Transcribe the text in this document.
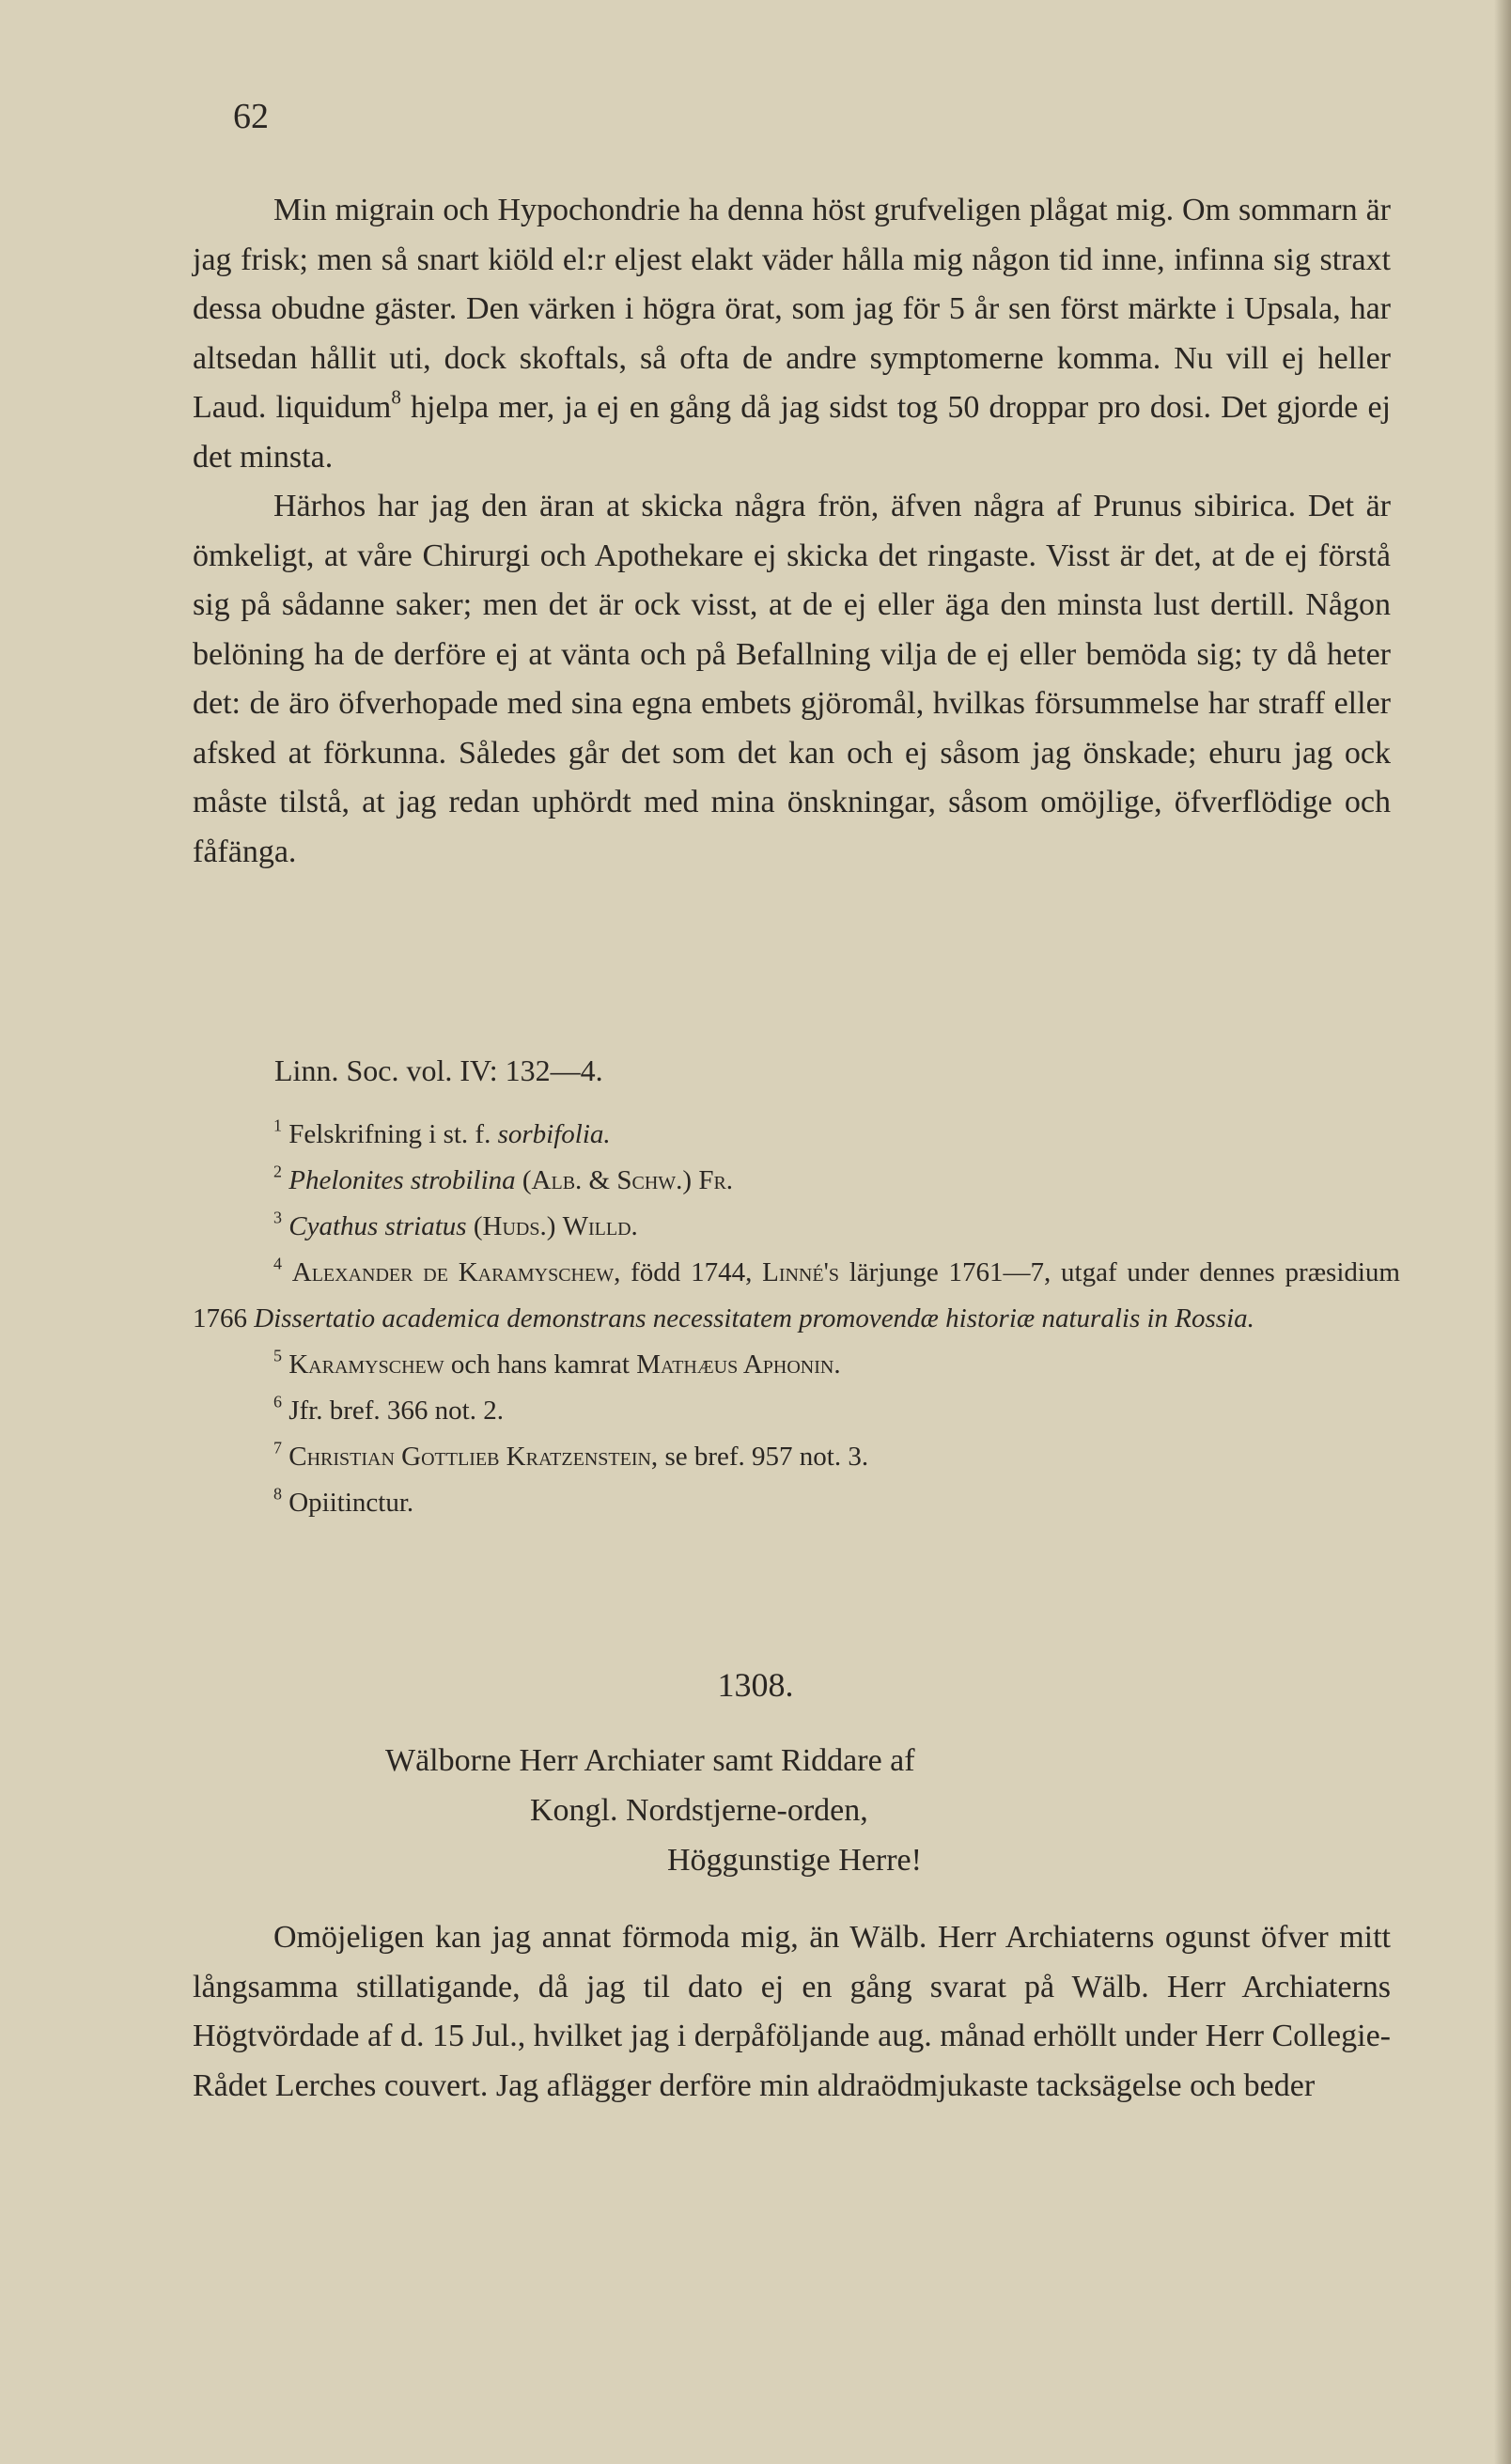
62

Min migrain och Hypochondrie ha denna höst grufveligen plågat mig. Om sommarn är jag frisk; men så snart kiöld el:r eljest elakt väder hålla mig någon tid inne, infinna sig straxt dessa obudne gäster. Den värken i högra örat, som jag för 5 år sen först märkte i Upsala, har altsedan hållit uti, dock skoftals, så ofta de andre symptomerne komma. Nu vill ej heller Laud. liquidum$^8$ hjelpa mer, ja ej en gång då jag sidst tog 50 droppar pro dosi. Det gjorde ej det minsta.

Härhos har jag den äran at skicka några frön, äfven några af Prunus sibirica. Det är ömkeligt, at våre Chirurgi och Apothekare ej skicka det ringaste. Visst är det, at de ej förstå sig på sådanne saker; men det är ock visst, at de ej eller äga den minsta lust dertill. Någon belöning ha de derföre ej at vänta och på Befallning vilja de ej eller bemöda sig; ty då heter det: de äro öfverhopade med sina egna embets gjöromål, hvilkas försummelse har straff eller afsked at förkunna. Således går det som det kan och ej såsom jag önskade; ehuru jag ock måste tilstå, at jag redan uphördt med mina önskningar, såsom omöjlige, öfverflödige och fåfänga.

Linn. Soc. vol. IV: 132—4.

$^1$ Felskrifning i st. f. sorbifolia.

$^2$ Phelonites strobilina (Alb. & Schw.) Fr.

$^3$ Cyathus striatus (Huds.) Willd.

$^4$ Alexander de Karamyschew, född 1744, Linné's lärjunge 1761—7, utgaf under dennes præsidium 1766 Dissertatio academica demonstrans necessitatem promovendæ historiæ naturalis in Rossia.

$^5$ Karamyschew och hans kamrat Mathæus Aphonin.

$^6$ Jfr. bref. 366 not. 2.

$^7$ Christian Gottlieb Kratzenstein, se bref. 957 not. 3.

$^8$ Opiitinctur.

1308.
Wälborne Herr Archiater samt Riddare af
Kongl. Nordstjerne-orden,
Höggunstige Herre!

Omöjeligen kan jag annat förmoda mig, än Wälb. Herr Archiaterns ogunst öfver mitt långsamma stillatigande, då jag til dato ej en gång svarat på Wälb. Herr Archiaterns Högtvördade af d. 15 Jul., hvilket jag i derpåföljande aug. månad erhöllt under Herr Collegie-Rådet Lerches couvert. Jag aflägger derföre min aldraödmjukaste tacksägelse och beder
